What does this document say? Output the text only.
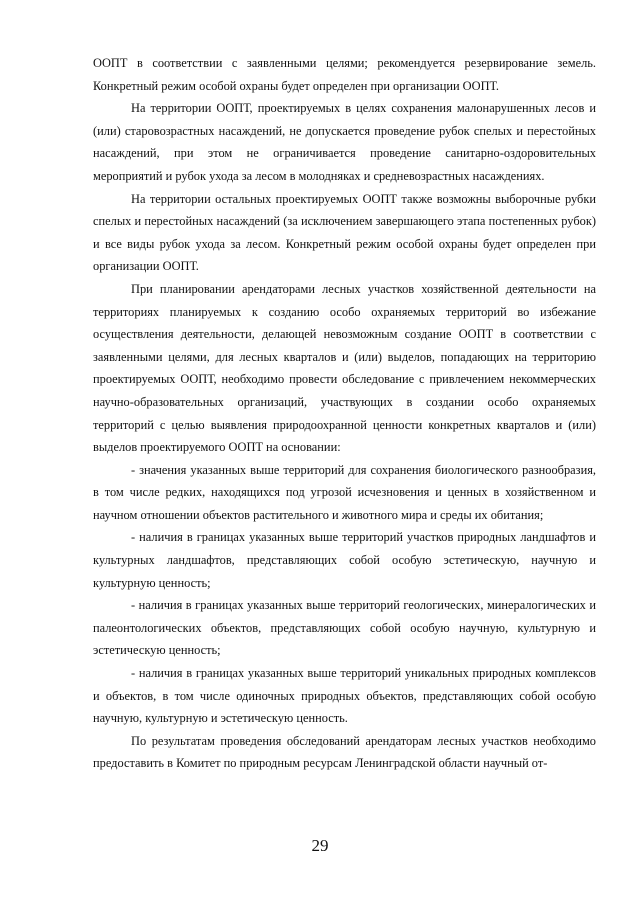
ООПТ в соответствии с заявленными целями; рекомендуется резервирование земель. Конкретный режим особой охраны будет определен при организации ООПТ.

На территории ООПТ, проектируемых в целях сохранения малонарушенных лесов и (или) старовозрастных насаждений, не допускается проведение рубок спелых и перестойных насаждений, при этом не ограничивается проведение санитарно-оздоровительных мероприятий и рубок ухода за лесом в молодняках и средневозрастных насаждениях.

На территории остальных проектируемых ООПТ также возможны выборочные рубки спелых и перестойных насаждений (за исключением завершающего этапа постепенных рубок) и все виды рубок ухода за лесом. Конкретный режим особой охраны будет определен при организации ООПТ.

При планировании арендаторами лесных участков хозяйственной деятельности на территориях планируемых к созданию особо охраняемых территорий во избежание осуществления деятельности, делающей невозможным создание ООПТ в соответствии с заявленными целями, для лесных кварталов и (или) выделов, попадающих на территорию проектируемых ООПТ, необходимо провести обследование с привлечением некоммерческих научно-образовательных организаций, участвующих в создании особо охраняемых территорий с целью выявления природоохранной ценности конкретных кварталов и (или) выделов проектируемого ООПТ на основании:

- значения указанных выше территорий для сохранения биологического разнообразия, в том числе редких, находящихся под угрозой исчезновения и ценных в хозяйственном и научном отношении объектов растительного и животного мира и среды их обитания;

- наличия в границах указанных выше территорий участков природных ландшафтов и культурных ландшафтов, представляющих собой особую эстетическую, научную и культурную ценность;

- наличия в границах указанных выше территорий геологических, минералогических и палеонтологических объектов, представляющих собой особую научную, культурную и эстетическую ценность;

- наличия в границах указанных выше территорий уникальных природных комплексов и объектов, в том числе одиночных природных объектов, представляющих собой особую научную, культурную и эстетическую ценность.

По результатам проведения обследований арендаторам лесных участков необходимо предоставить в Комитет по природным ресурсам Ленинградской области научный от-

29
